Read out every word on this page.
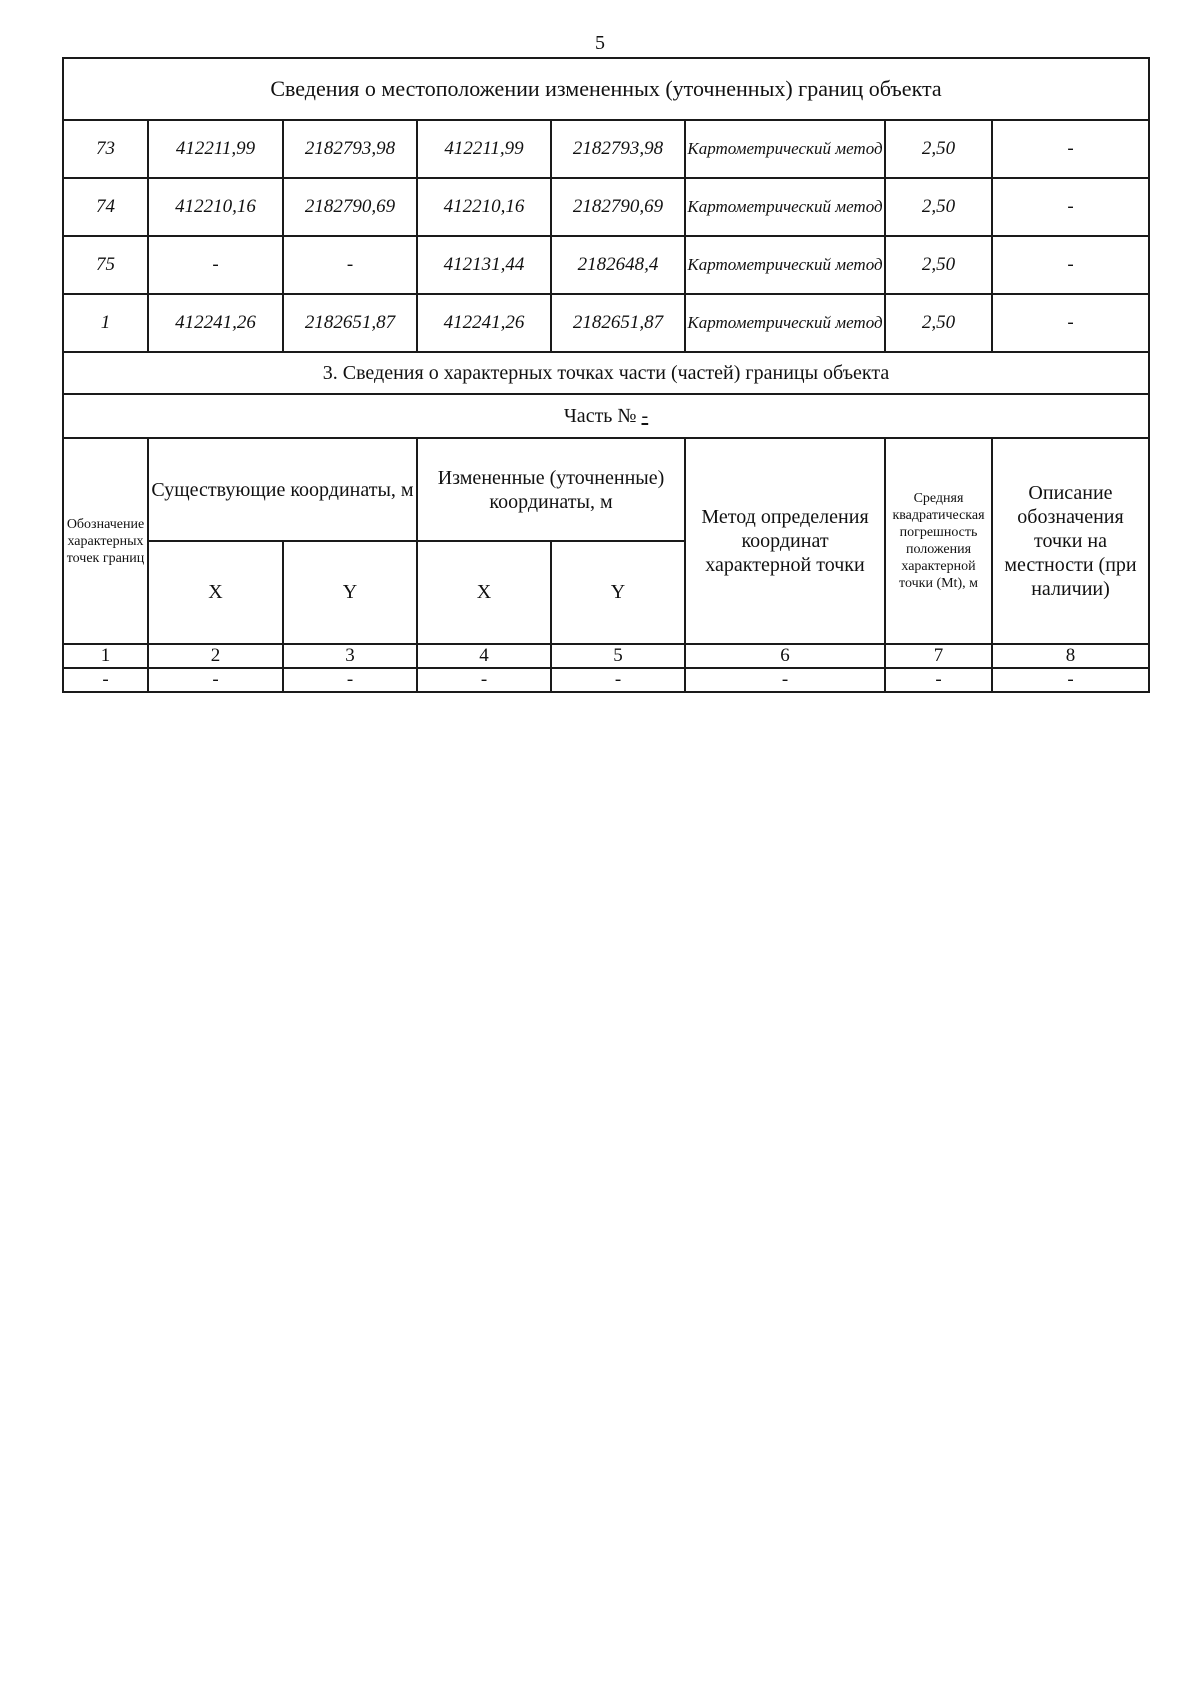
5
Сведения о местоположении измененных (уточненных) границ объекта							
73	412211,99	2182793,98	412211,99	2182793,98	Картометрический метод	2,50	-
74	412210,16	2182790,69	412210,16	2182790,69	Картометрический метод	2,50	-
75	-	-	412131,44	2182648,4	Картометрический метод	2,50	-
1	412241,26	2182651,87	412241,26	2182651,87	Картометрический метод	2,50	-
3. Сведения о характерных точках части (частей) границы объекта							
Часть № -							
Обозначение характерных точек границ	Существующие координаты, м		Измененные (уточненные) координаты, м		Метод определения координат характерной точки	Средняя квадратическая погрешность положения характерной точки (Mt), м	Описание обозначения точки на местности (при наличии)
	X	Y	X	Y			
1	2	3	4	5	6	7	8
-	-	-	-	-	-	-	-
